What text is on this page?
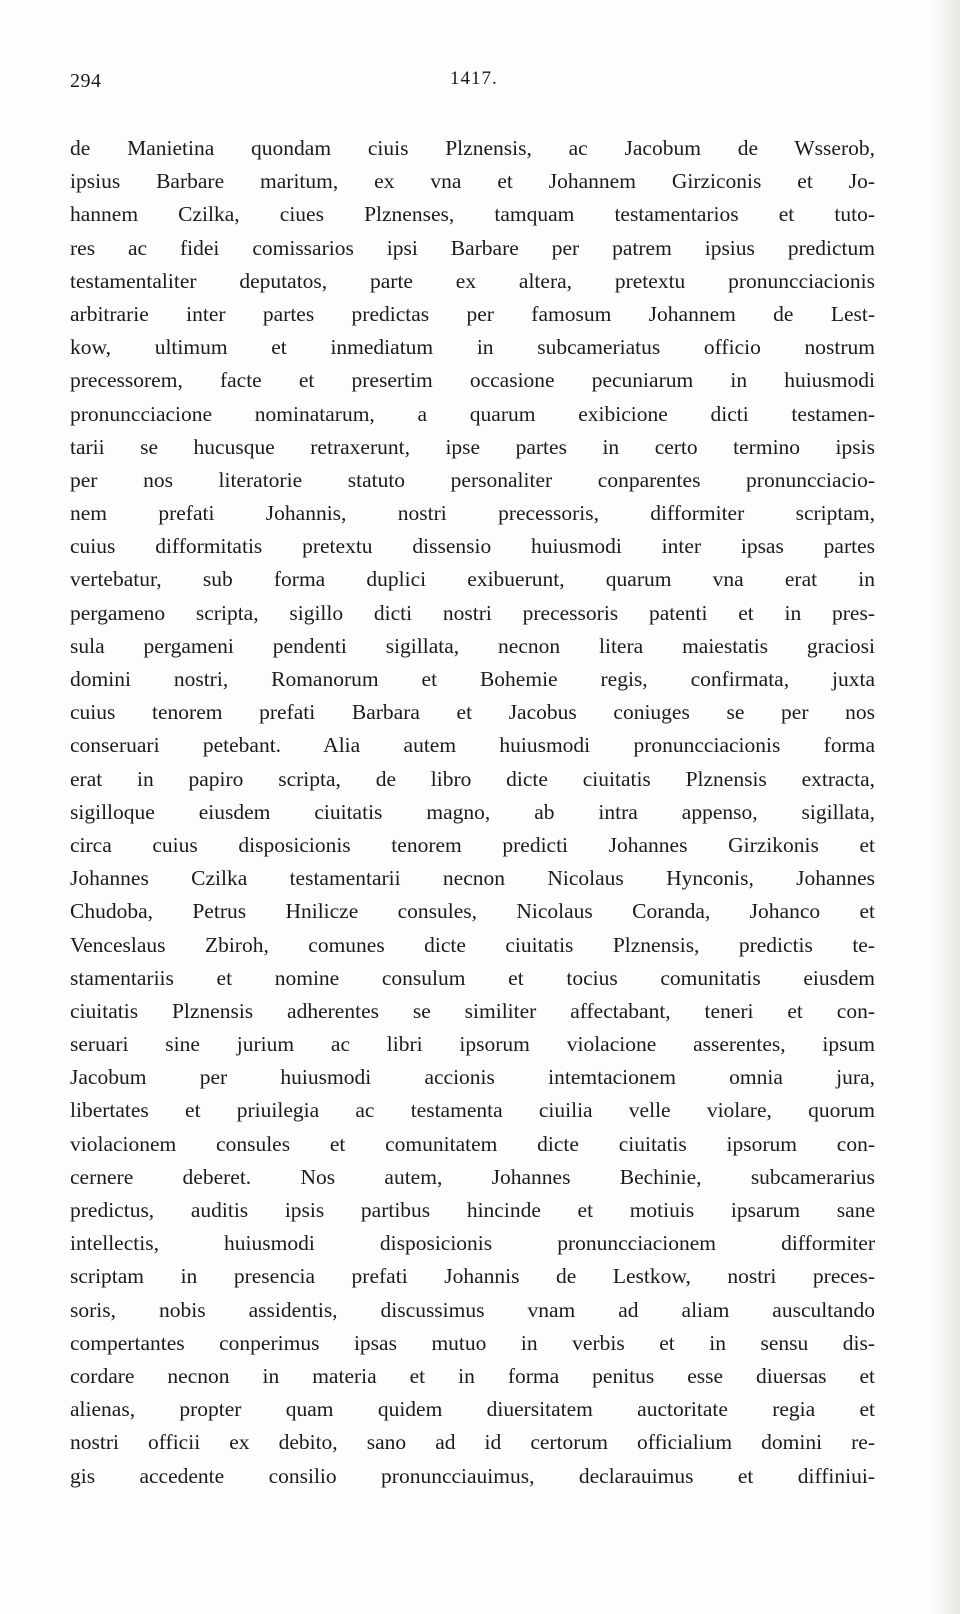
294	1417.
de Manietina quondam ciuis Plznensis, ac Jacobum de Wsserob,
ipsius Barbare maritum, ex vna et Johannem Girziconis et Jo-
hannem Czilka, ciues Plznenses, tamquam testamentarios et tuto-
res ac fidei comissarios ipsi Barbare per patrem ipsius predictum
testamentaliter deputatos, parte ex altera, pretextu pronuncciacionis
arbitrarie inter partes predictas per famosum Johannem de Lest-
kow, ultimum et inmediatum in subcameriatus officio nostrum
precessorem, facte et presertim occasione pecuniarum in huiusmodi
pronuncciacione nominatarum, a quarum exibicione dicti testamen-
tarii se hucusque retraxerunt, ipse partes in certo termino ipsis
per nos literatorie statuto personaliter conparentes pronuncciacio-
nem prefati Johannis, nostri precessoris, difformiter scriptam,
cuius difformitatis pretextu dissensio huiusmodi inter ipsas partes
vertebatur, sub forma duplici exibuerunt, quarum vna erat in
pergameno scripta, sigillo dicti nostri precessoris patenti et in pres-
sula pergameni pendenti sigillata, necnon litera maiestatis graciosi
domini nostri, Romanorum et Bohemie regis, confirmata, juxta
cuius tenorem prefati Barbara et Jacobus coniuges se per nos
conseruari petebant. Alia autem huiusmodi pronuncciacionis forma
erat in papiro scripta, de libro dicte ciuitatis Plznensis extracta,
sigilloque eiusdem ciuitatis magno, ab intra appenso, sigillata,
circa cuius disposicionis tenorem predicti Johannes Girzikonis et
Johannes Czilka testamentarii necnon Nicolaus Hynconis, Johannes
Chudoba, Petrus Hnilicze consules, Nicolaus Coranda, Johanco et
Venceslaus Zbiroh, comunes dicte ciuitatis Plznensis, predictis te-
stamentariis et nomine consulum et tocius comunitatis eiusdem
ciuitatis Plznensis adherentes se similiter affectabant, teneri et con-
seruari sine jurium ac libri ipsorum violacione asserentes, ipsum
Jacobum per huiusmodi accionis intemtacionem omnia jura,
libertates et priuilegia ac testamenta ciuilia velle violare, quorum
violacionem consules et comunitatem dicte ciuitatis ipsorum con-
cernere deberet. Nos autem, Johannes Bechinie, subcamerarius
predictus, auditis ipsis partibus hincinde et motiuis ipsarum sane
intellectis, huiusmodi disposicionis pronuncciacionem difformiter
scriptam in presencia prefati Johannis de Lestkow, nostri preces-
soris, nobis assidentis, discussimus vnam ad aliam auscultando
compertantes conperimus ipsas mutuo in verbis et in sensu dis-
cordare necnon in materia et in forma penitus esse diuersas et
alienas, propter quam quidem diuersitatem auctoritate regia et
nostri officii ex debito, sano ad id certorum officialium domini re-
gis accedente consilio pronuncciauimus, declarauimus et diffiniui-
